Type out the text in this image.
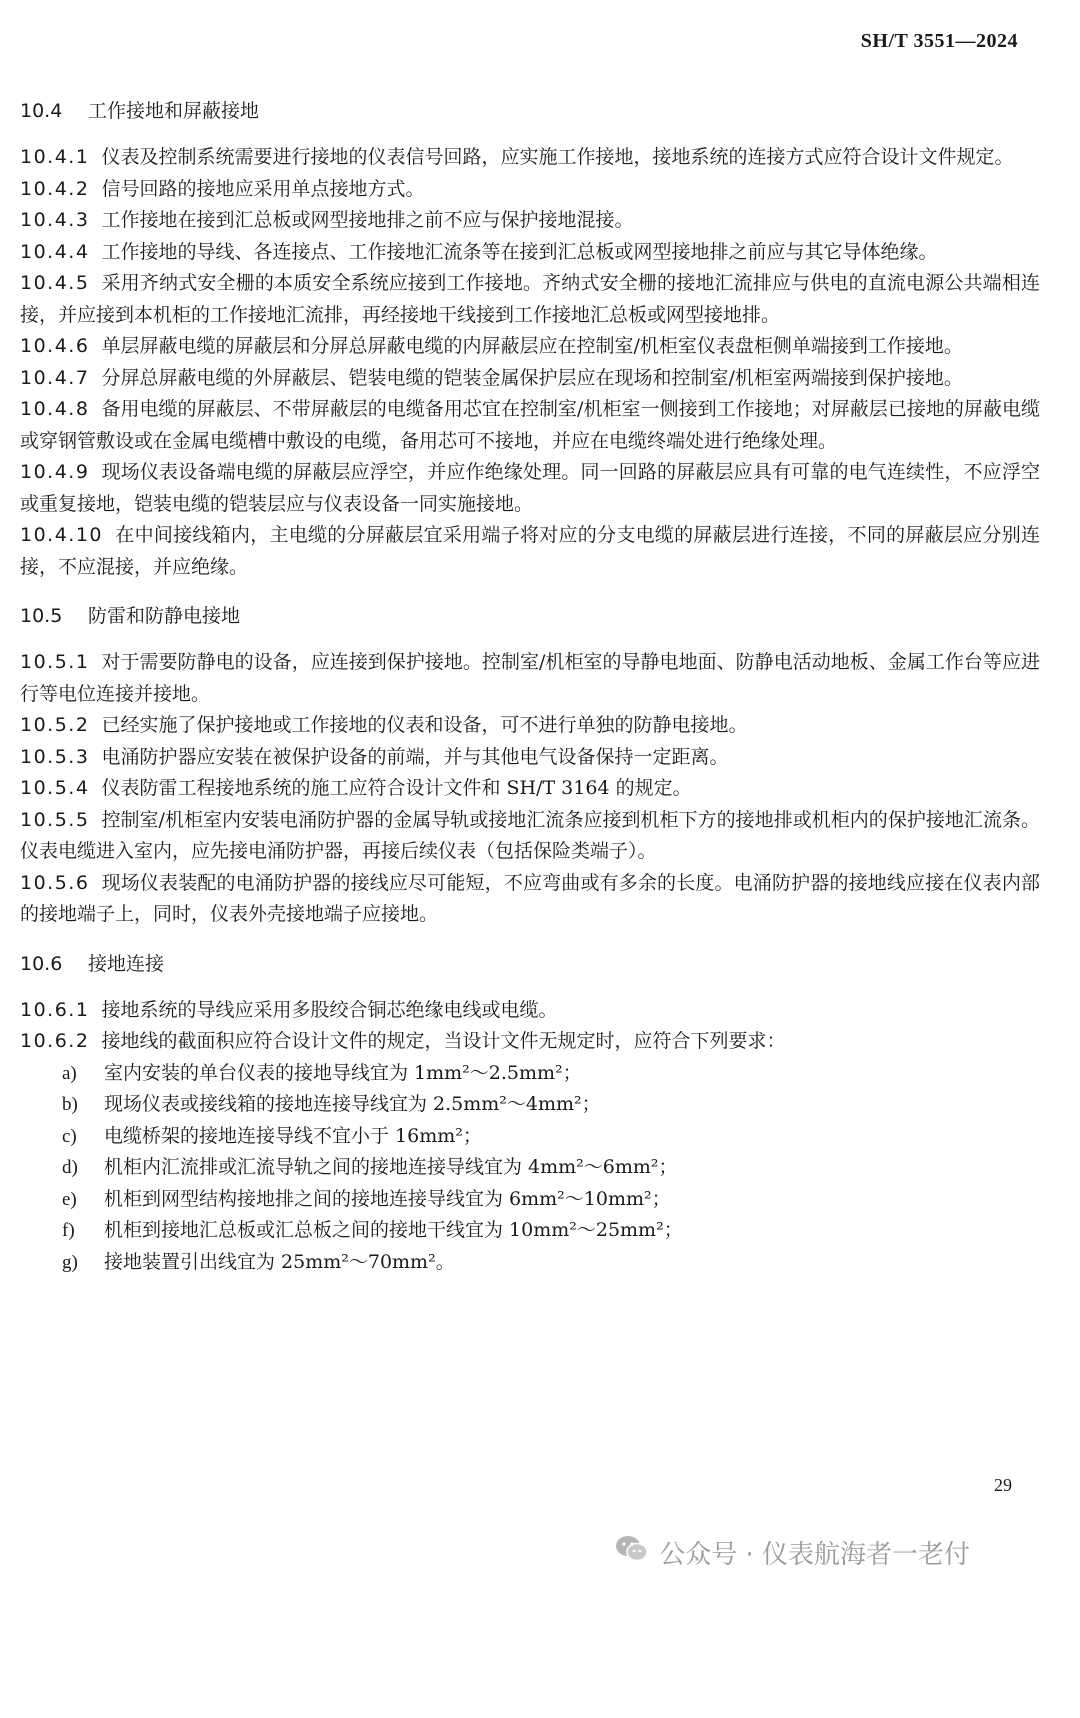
SH/T 3551—2024
10.4 工作接地和屏蔽接地

10.4.1 仪表及控制系统需要进行接地的仪表信号回路，应实施工作接地，接地系统的连接方式应符合设计文件规定。

10.4.2 信号回路的接地应采用单点接地方式。

10.4.3 工作接地在接到汇总板或网型接地排之前不应与保护接地混接。

10.4.4 工作接地的导线、各连接点、工作接地汇流条等在接到汇总板或网型接地排之前应与其它导体绝缘。

10.4.5 采用齐纳式安全栅的本质安全系统应接到工作接地。齐纳式安全栅的接地汇流排应与供电的直流电源公共端相连接，并应接到本机柜的工作接地汇流排，再经接地干线接到工作接地汇总板或网型接地排。

10.4.6 单层屏蔽电缆的屏蔽层和分屏总屏蔽电缆的内屏蔽层应在控制室/机柜室仪表盘柜侧单端接到工作接地。

10.4.7 分屏总屏蔽电缆的外屏蔽层、铠装电缆的铠装金属保护层应在现场和控制室/机柜室两端接到保护接地。

10.4.8 备用电缆的屏蔽层、不带屏蔽层的电缆备用芯宜在控制室/机柜室一侧接到工作接地；对屏蔽层已接地的屏蔽电缆或穿钢管敷设或在金属电缆槽中敷设的电缆，备用芯可不接地，并应在电缆终端处进行绝缘处理。

10.4.9 现场仪表设备端电缆的屏蔽层应浮空，并应作绝缘处理。同一回路的屏蔽层应具有可靠的电气连续性，不应浮空或重复接地，铠装电缆的铠装层应与仪表设备一同实施接地。

10.4.10 在中间接线箱内，主电缆的分屏蔽层宜采用端子将对应的分支电缆的屏蔽层进行连接，不同的屏蔽层应分别连接，不应混接，并应绝缘。

10.5 防雷和防静电接地

10.5.1 对于需要防静电的设备，应连接到保护接地。控制室/机柜室的导静电地面、防静电活动地板、金属工作台等应进行等电位连接并接地。

10.5.2 已经实施了保护接地或工作接地的仪表和设备，可不进行单独的防静电接地。

10.5.3 电涌防护器应安装在被保护设备的前端，并与其他电气设备保持一定距离。

10.5.4 仪表防雷工程接地系统的施工应符合设计文件和 SH/T 3164 的规定。

10.5.5 控制室/机柜室内安装电涌防护器的金属导轨或接地汇流条应接到机柜下方的接地排或机柜内的保护接地汇流条。仪表电缆进入室内，应先接电涌防护器，再接后续仪表（包括保险类端子）。

10.5.6 现场仪表装配的电涌防护器的接线应尽可能短，不应弯曲或有多余的长度。电涌防护器的接地线应接在仪表内部的接地端子上，同时，仪表外壳接地端子应接地。

10.6 接地连接

10.6.1 接地系统的导线应采用多股绞合铜芯绝缘电线或电缆。

10.6.2 接地线的截面积应符合设计文件的规定，当设计文件无规定时，应符合下列要求：

a) 室内安装的单台仪表的接地导线宜为 1mm²～2.5mm²；

b) 现场仪表或接线箱的接地连接导线宜为 2.5mm²～4mm²；

c) 电缆桥架的接地连接导线不宜小于 16mm²；

d) 机柜内汇流排或汇流导轨之间的接地连接导线宜为 4mm²～6mm²；

e) 机柜到网型结构接地排之间的接地连接导线宜为 6mm²～10mm²；

f) 机柜到接地汇总板或汇总板之间的接地干线宜为 10mm²～25mm²；

g) 接地装置引出线宜为 25mm²～70mm²。

29
公众号 · 仪表航海者一老付
